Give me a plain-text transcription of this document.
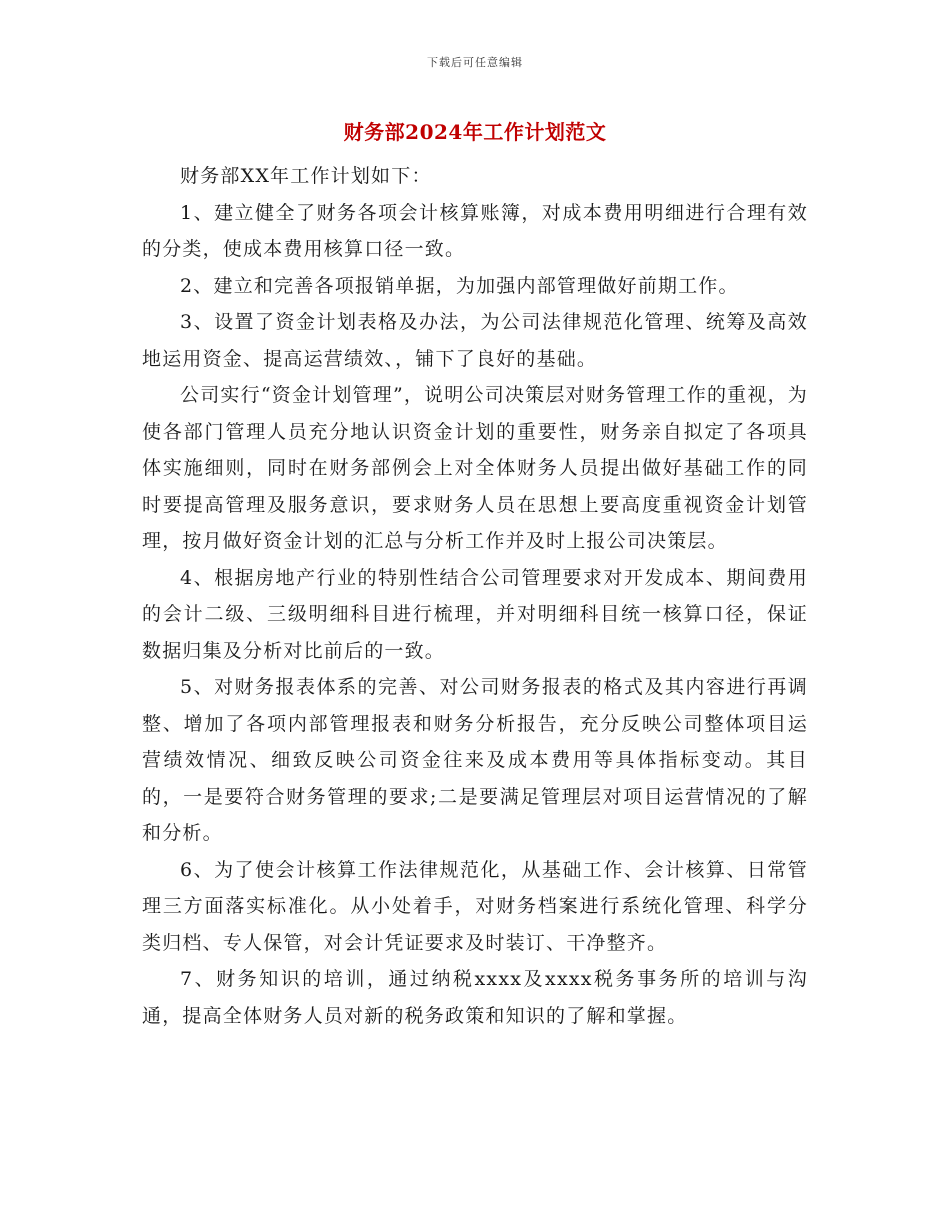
下载后可任意编辑
财务部2024年工作计划范文

财务部XX年工作计划如下：

1、建立健全了财务各项会计核算账簿，对成本费用明细进行合理有效的分类，使成本费用核算口径一致。

2、建立和完善各项报销单据，为加强内部管理做好前期工作。

3、设置了资金计划表格及办法，为公司法律规范化管理、统筹及高效地运用资金、提高运营绩效、，铺下了良好的基础。

公司实行“资金计划管理”，说明公司决策层对财务管理工作的重视，为使各部门管理人员充分地认识资金计划的重要性，财务亲自拟定了各项具体实施细则，同时在财务部例会上对全体财务人员提出做好基础工作的同时要提高管理及服务意识，要求财务人员在思想上要高度重视资金计划管理，按月做好资金计划的汇总与分析工作并及时上报公司决策层。

4、根据房地产行业的特别性结合公司管理要求对开发成本、期间费用的会计二级、三级明细科目进行梳理，并对明细科目统一核算口径，保证数据归集及分析对比前后的一致。

5、对财务报表体系的完善、对公司财务报表的格式及其内容进行再调整、增加了各项内部管理报表和财务分析报告，充分反映公司整体项目运营绩效情况、细致反映公司资金往来及成本费用等具体指标变动。其目的，一是要符合财务管理的要求;二是要满足管理层对项目运营情况的了解和分析。

6、为了使会计核算工作法律规范化，从基础工作、会计核算、日常管理三方面落实标准化。从小处着手，对财务档案进行系统化管理、科学分类归档、专人保管，对会计凭证要求及时装订、干净整齐。

7、财务知识的培训，通过纳税xxxx及xxxx税务事务所的培训与沟通，提高全体财务人员对新的税务政策和知识的了解和掌握。
